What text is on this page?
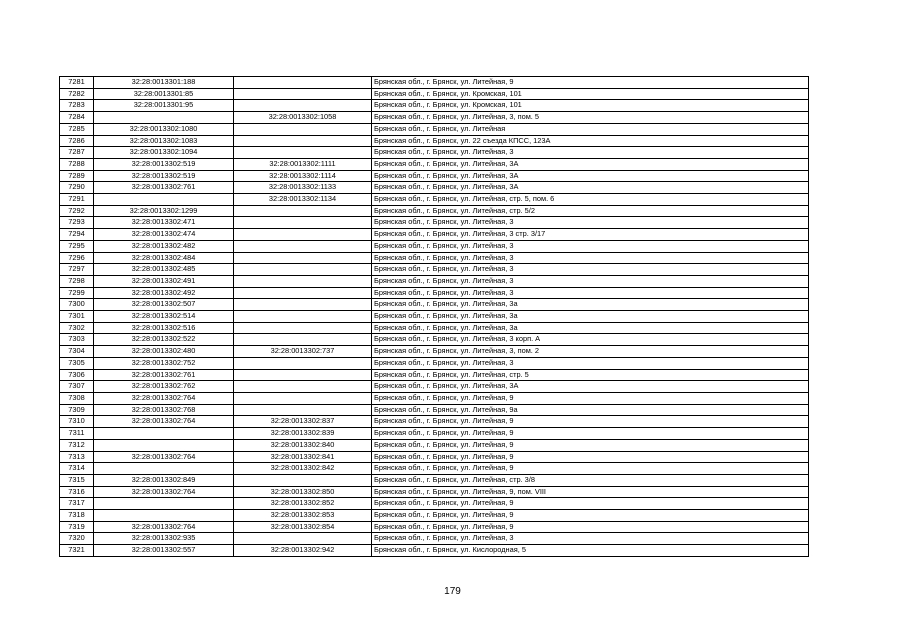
7281	32:28:0013301:188		Брянская обл., г. Брянск, ул. Литейная, 9
7282	32:28:0013301:85		Брянская обл., г. Брянск, ул. Кромская, 101
7283	32:28:0013301:95		Брянская обл., г. Брянск, ул. Кромская, 101
7284		32:28:0013302:1058	Брянская обл., г. Брянск, ул. Литейная, 3, пом. 5
7285	32:28:0013302:1080		Брянская обл., г. Брянск, ул. Литейная
7286	32:28:0013302:1083		Брянская обл., г. Брянск, ул. 22 съезда КПСС, 123А
7287	32:28:0013302:1094		Брянская обл., г. Брянск, ул. Литейная, 3
7288	32:28:0013302:519	32:28:0013302:1111	Брянская обл., г. Брянск, ул. Литейная, 3А
7289	32:28:0013302:519	32:28:0013302:1114	Брянская обл., г. Брянск, ул. Литейная, 3А
7290	32:28:0013302:761	32:28:0013302:1133	Брянская обл., г. Брянск, ул. Литейная, 3А
7291		32:28:0013302:1134	Брянская обл., г. Брянск, ул. Литейная, стр. 5, пом. 6
7292	32:28:0013302:1299		Брянская обл., г. Брянск, ул. Литейная, стр. 5/2
7293	32:28:0013302:471		Брянская обл., г. Брянск, ул. Литейная, 3
7294	32:28:0013302:474		Брянская обл., г. Брянск, ул. Литейная, 3 стр. 3/17
7295	32:28:0013302:482		Брянская обл., г. Брянск, ул. Литейная, 3
7296	32:28:0013302:484		Брянская обл., г. Брянск, ул. Литейная, 3
7297	32:28:0013302:485		Брянская обл., г. Брянск, ул. Литейная, 3
7298	32:28:0013302:491		Брянская обл., г. Брянск, ул. Литейная, 3
7299	32:28:0013302:492		Брянская обл., г. Брянск, ул. Литейная, 3
7300	32:28:0013302:507		Брянская обл., г. Брянск, ул. Литейная, 3а
7301	32:28:0013302:514		Брянская обл., г. Брянск, ул. Литейная, 3а
7302	32:28:0013302:516		Брянская обл., г. Брянск, ул. Литейная, 3а
7303	32:28:0013302:522		Брянская обл., г. Брянск, ул. Литейная, 3 корп. А
7304	32:28:0013302:480	32:28:0013302:737	Брянская обл., г. Брянск, ул. Литейная, 3, пом. 2
7305	32:28:0013302:752		Брянская обл., г. Брянск, ул. Литейная, 3
7306	32:28:0013302:761		Брянская обл., г. Брянск, ул. Литейная, стр. 5
7307	32:28:0013302:762		Брянская обл., г. Брянск, ул. Литейная, 3А
7308	32:28:0013302:764		Брянская обл., г. Брянск, ул. Литейная, 9
7309	32:28:0013302:768		Брянская обл., г. Брянск, ул. Литейная, 9а
7310	32:28:0013302:764	32:28:0013302:837	Брянская обл., г. Брянск, ул. Литейная, 9
7311		32:28:0013302:839	Брянская обл., г. Брянск, ул. Литейная, 9
7312		32:28:0013302:840	Брянская обл., г. Брянск, ул. Литейная, 9
7313	32:28:0013302:764	32:28:0013302:841	Брянская обл., г. Брянск, ул. Литейная, 9
7314		32:28:0013302:842	Брянская обл., г. Брянск, ул. Литейная, 9
7315	32:28:0013302:849		Брянская обл., г. Брянск, ул. Литейная, стр. 3/8
7316	32:28:0013302:764	32:28:0013302:850	Брянская обл., г. Брянск, ул. Литейная, 9, пом. VIII
7317		32:28:0013302:852	Брянская обл., г. Брянск, ул. Литейная, 9
7318		32:28:0013302:853	Брянская обл., г. Брянск, ул. Литейная, 9
7319	32:28:0013302:764	32:28:0013302:854	Брянская обл., г. Брянск, ул. Литейная, 9
7320	32:28:0013302:935		Брянская обл., г. Брянск, ул. Литейная, 3
7321	32:28:0013302:557	32:28:0013302:942	Брянская обл., г. Брянск, ул. Кислородная, 5
179
